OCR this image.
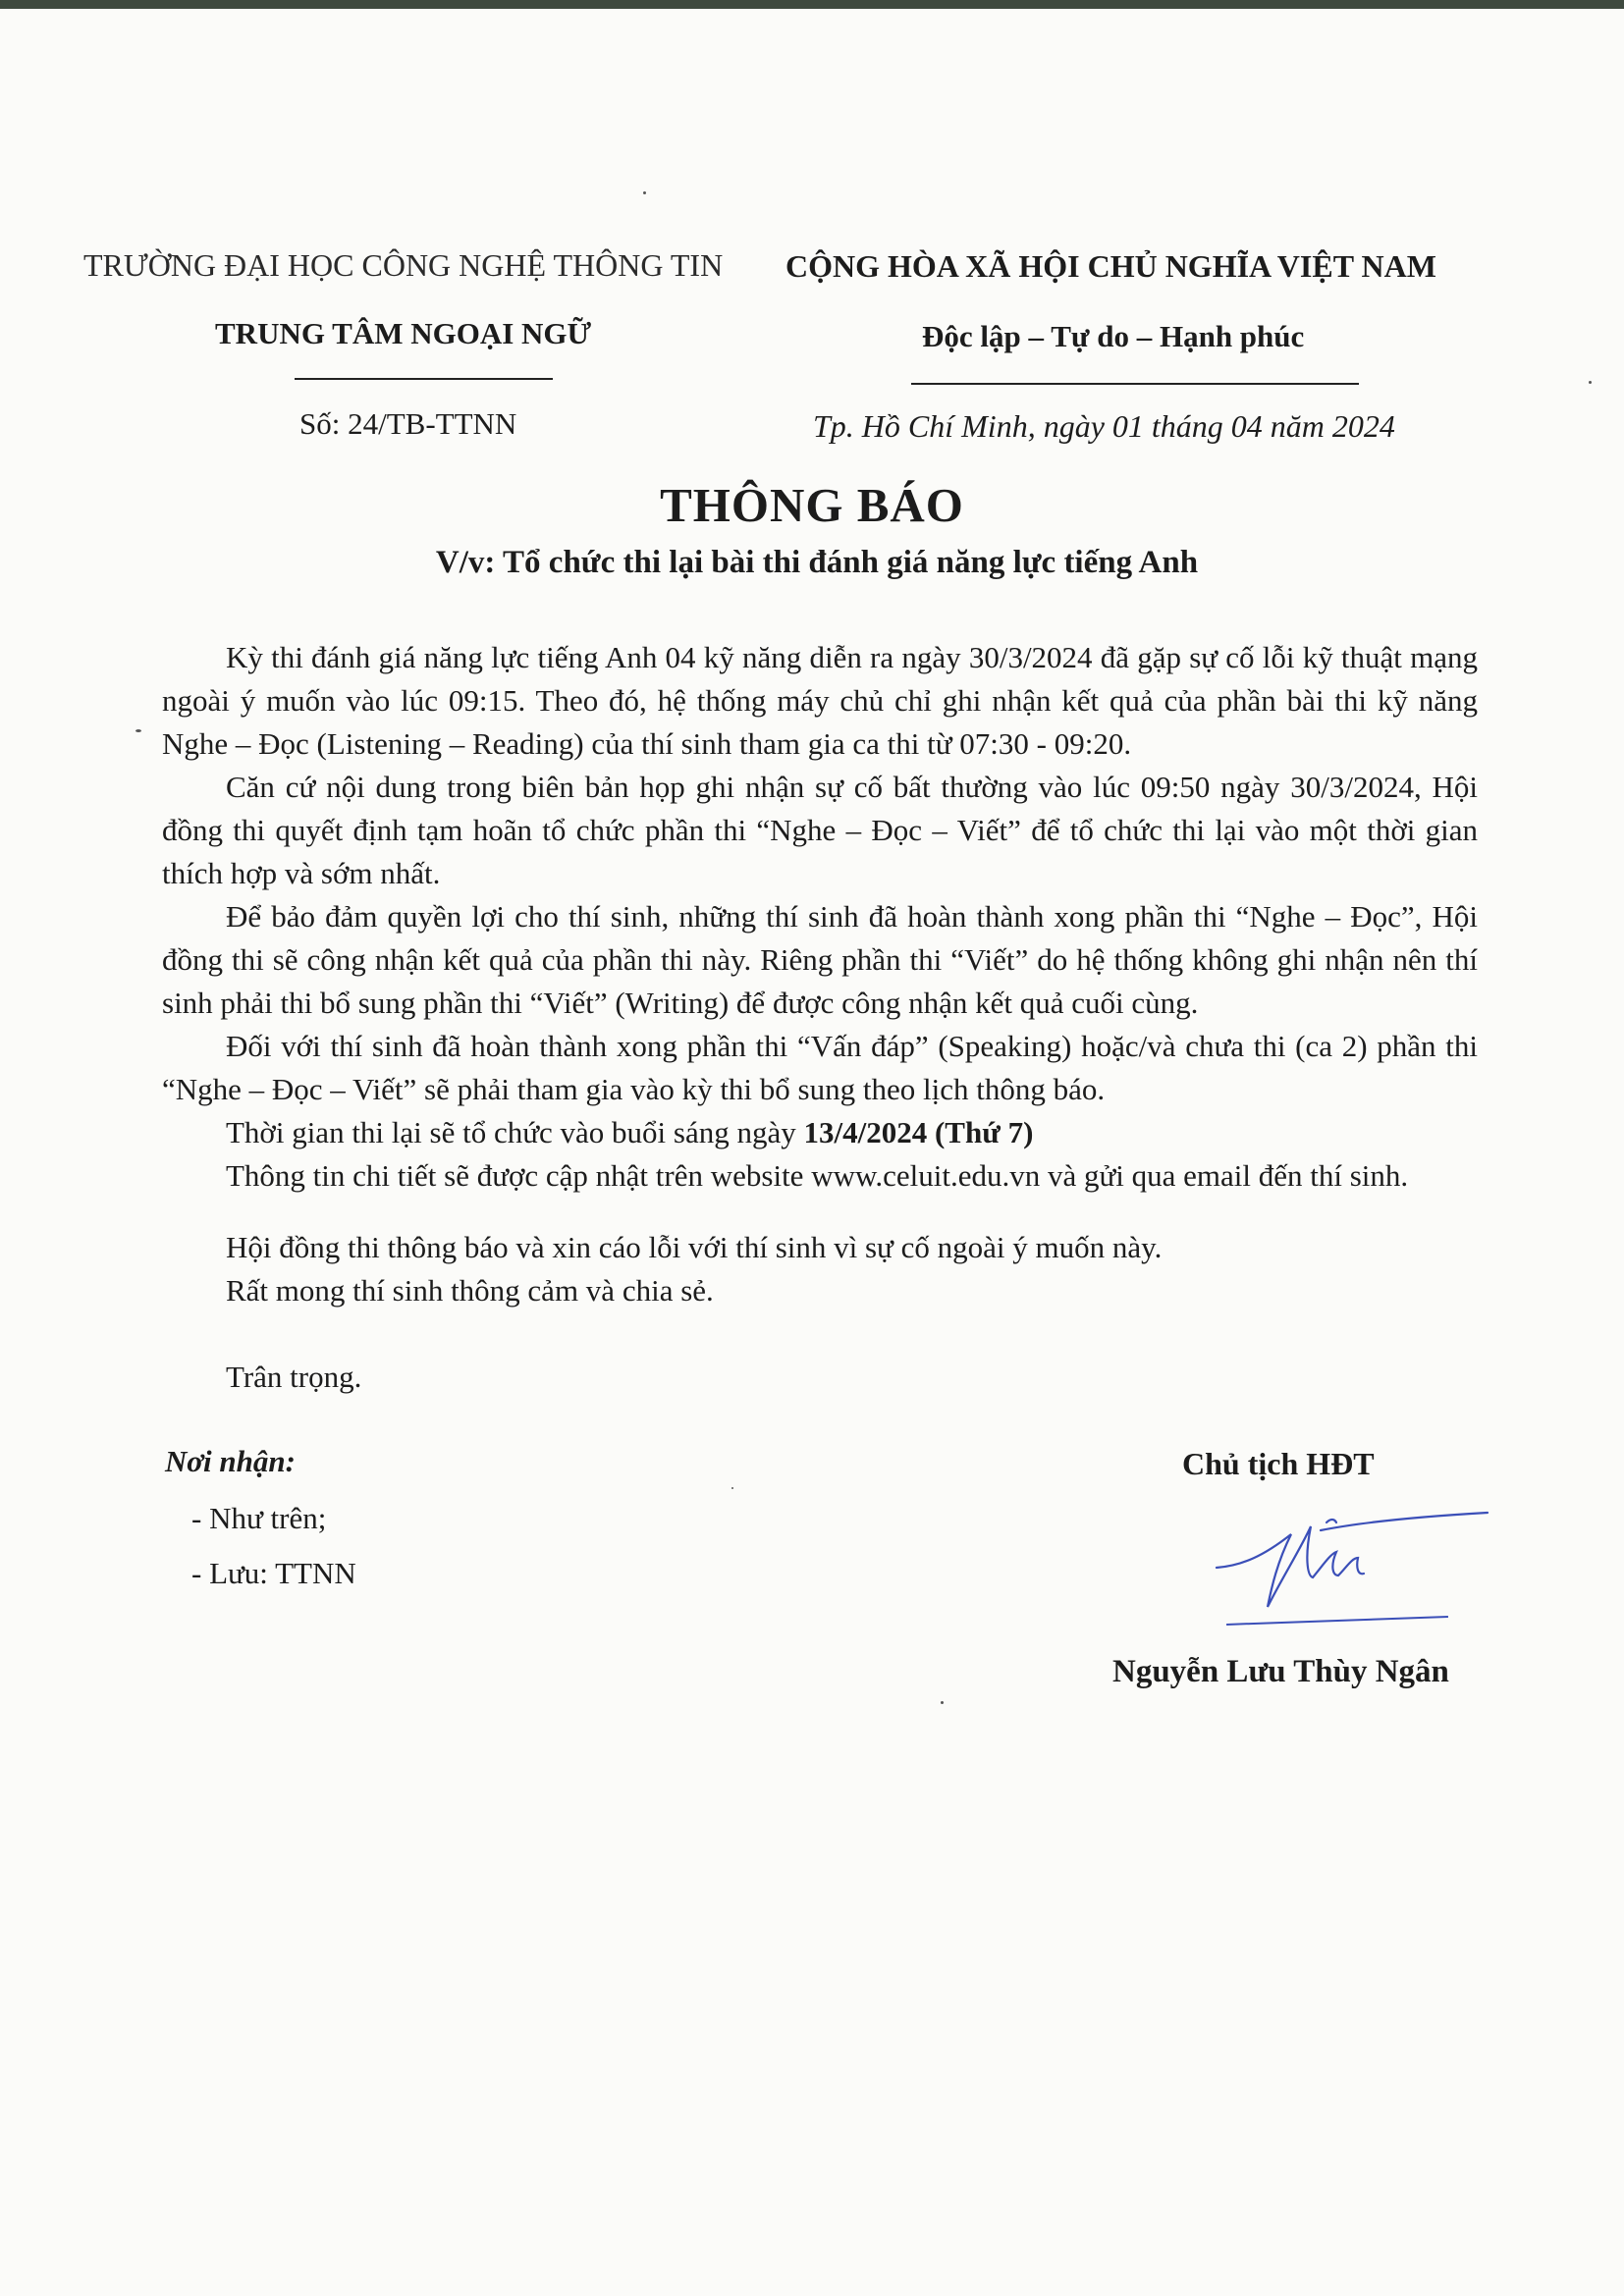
TRƯỜNG ĐẠI HỌC CÔNG NGHỆ THÔNG TIN
TRUNG TÂM NGOẠI NGỮ
Số: 24/TB-TTNN
CỘNG HÒA XÃ HỘI CHỦ NGHĨA VIỆT NAM
Độc lập – Tự do – Hạnh phúc
Tp. Hồ Chí Minh, ngày 01 tháng 04 năm 2024
THÔNG BÁO
V/v: Tổ chức thi lại bài thi đánh giá năng lực tiếng Anh

Kỳ thi đánh giá năng lực tiếng Anh 04 kỹ năng diễn ra ngày 30/3/2024 đã gặp sự cố lỗi kỹ thuật mạng ngoài ý muốn vào lúc 09:15. Theo đó, hệ thống máy chủ chỉ ghi nhận kết quả của phần bài thi kỹ năng Nghe – Đọc (Listening – Reading) của thí sinh tham gia ca thi từ 07:30 - 09:20.

Căn cứ nội dung trong biên bản họp ghi nhận sự cố bất thường vào lúc 09:50 ngày 30/3/2024, Hội đồng thi quyết định tạm hoãn tổ chức phần thi “Nghe – Đọc – Viết” để tổ chức thi lại vào một thời gian thích hợp và sớm nhất.

Để bảo đảm quyền lợi cho thí sinh, những thí sinh đã hoàn thành xong phần thi “Nghe – Đọc”, Hội đồng thi sẽ công nhận kết quả của phần thi này. Riêng phần thi “Viết” do hệ thống không ghi nhận nên thí sinh phải thi bổ sung phần thi “Viết” (Writing) để được công nhận kết quả cuối cùng.

Đối với thí sinh đã hoàn thành xong phần thi “Vấn đáp” (Speaking) hoặc/và chưa thi (ca 2) phần thi “Nghe – Đọc – Viết” sẽ phải tham gia vào kỳ thi bổ sung theo lịch thông báo.

Thời gian thi lại sẽ tổ chức vào buổi sáng ngày 13/4/2024 (Thứ 7)

Thông tin chi tiết sẽ được cập nhật trên website www.celuit.edu.vn và gửi qua email đến thí sinh.

Hội đồng thi thông báo và xin cáo lỗi với thí sinh vì sự cố ngoài ý muốn này.
Rất mong thí sinh thông cảm và chia sẻ.
Trân trọng.
Nơi nhận:
- Như trên;
- Lưu: TTNN
Chủ tịch HĐT
Ngân
Nguyễn Lưu Thùy Ngân
